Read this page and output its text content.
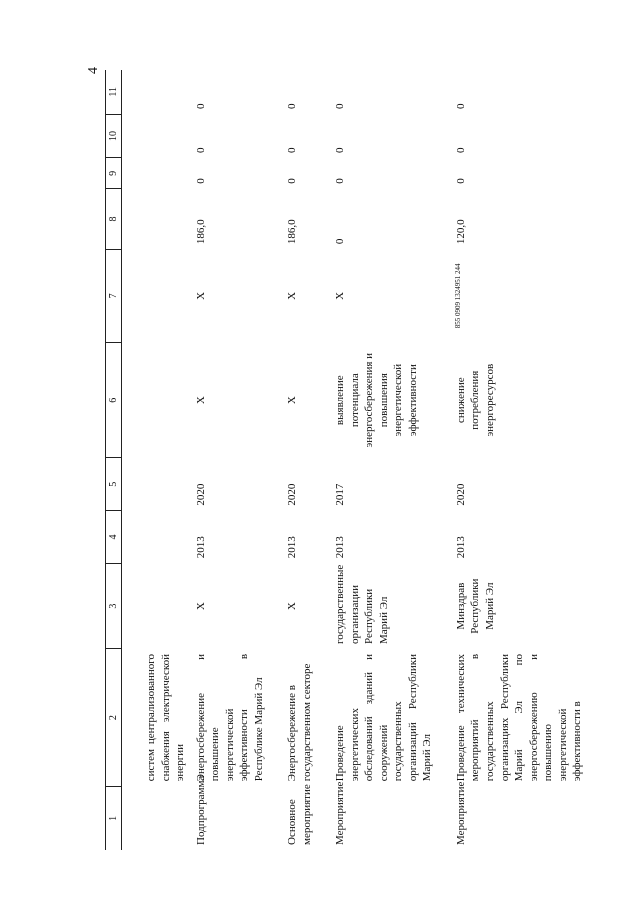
4
1	2	3	4	5	6	7	8	9	10	11
	систем централизованного снабжения электрической энергии									
Подпрограмма	Энергосбережение и повышение энергетической эффективности в Республике Марий Эл	Х	2013	2020	Х	Х	186,0	0	0	0
Основное мероприятие	Энергосбережение в государственном секторе	Х	2013	2020	Х	Х	186,0	0	0	0
Мероприятие	Проведение энергетических обследований зданий и сооружений государственных организаций Республики Марий Эл	государственные организации Республики Марий Эл	2013	2017	выявление потенциала энергосбережения и повышения энергетической эффективности	Х	0	0	0	0
Мероприятие	Проведение технических мероприятий в государственных организациях Республики Марий Эл по энергосбережению и повышению энергетической эффективности в	Минздрав Республики Марий Эл	2013	2020	снижение потребления энергоресурсов	855 0909 1324951 244	120,0	0	0	0
